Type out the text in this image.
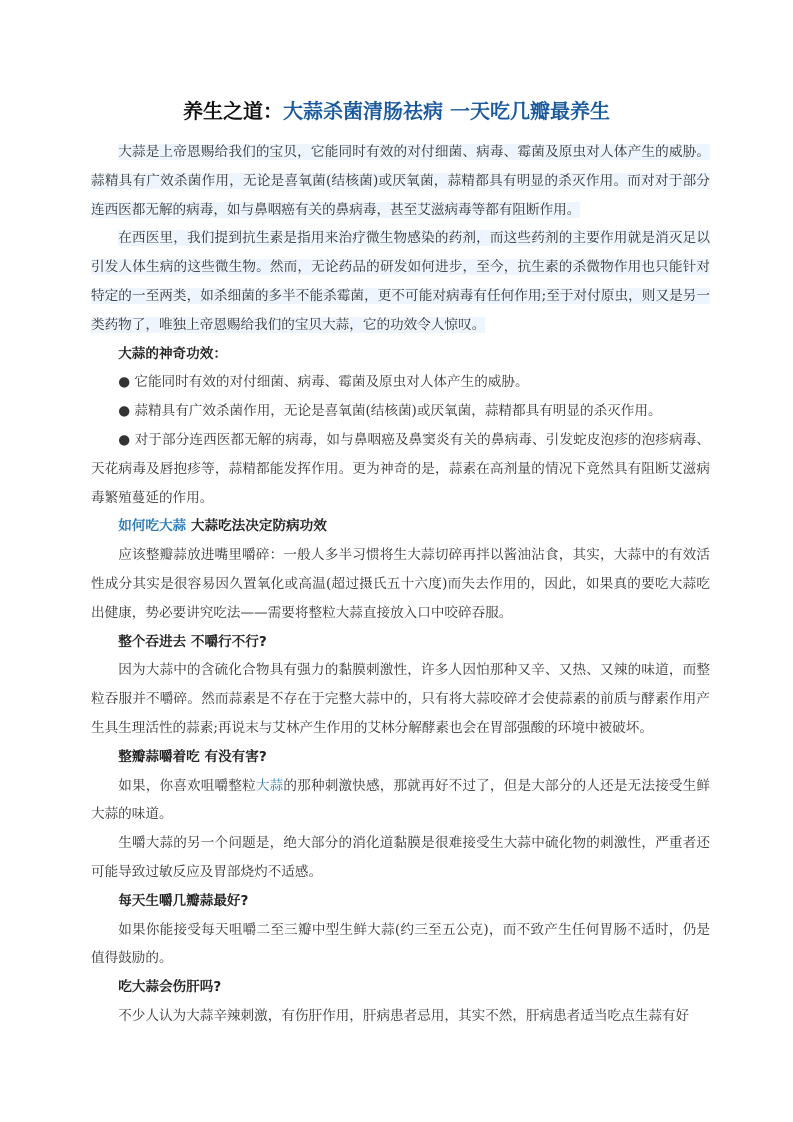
养生之道：大蒜杀菌清肠祛病 一天吃几瓣最养生

大蒜是上帝恩赐给我们的宝贝，它能同时有效的对付细菌、病毒、霉菌及原虫对人体产生的威胁。蒜精具有广效杀菌作用，无论是喜氧菌(结核菌)或厌氧菌，蒜精都具有明显的杀灭作用。而对对于部分连西医都无解的病毒，如与鼻咽癌有关的鼻病毒，甚至艾滋病毒等都有阻断作用。

在西医里，我们提到抗生素是指用来治疗微生物感染的药剂，而这些药剂的主要作用就是消灭足以引发人体生病的这些微生物。然而，无论药品的研发如何进步，至今，抗生素的杀微物作用也只能针对特定的一至两类，如杀细菌的多半不能杀霉菌，更不可能对病毒有任何作用;至于对付原虫，则又是另一类药物了，唯独上帝恩赐给我们的宝贝大蒜，它的功效令人惊叹。

大蒜的神奇功效：

● 它能同时有效的对付细菌、病毒、霉菌及原虫对人体产生的威胁。

● 蒜精具有广效杀菌作用，无论是喜氧菌(结核菌)或厌氧菌，蒜精都具有明显的杀灭作用。

● 对于部分连西医都无解的病毒，如与鼻咽癌及鼻窦炎有关的鼻病毒、引发蛇皮泡疹的泡疹病毒、天花病毒及唇抱疹等，蒜精都能发挥作用。更为神奇的是，蒜素在高剂量的情况下竟然具有阻断艾滋病毒繁殖蔓延的作用。

如何吃大蒜 大蒜吃法决定防病功效

应该整瓣蒜放进嘴里嚼碎：一般人多半习惯将生大蒜切碎再拌以酱油沾食，其实，大蒜中的有效活性成分其实是很容易因久置氧化或高温(超过摄氏五十六度)而失去作用的，因此，如果真的要吃大蒜吃出健康，势必要讲究吃法——需要将整粒大蒜直接放入口中咬碎吞服。

整个吞进去 不嚼行不行?

因为大蒜中的含硫化合物具有强力的黏膜刺激性，许多人因怕那种又辛、又热、又辣的味道，而整粒吞服并不嚼碎。然而蒜素是不存在于完整大蒜中的，只有将大蒜咬碎才会使蒜素的前质与酵素作用产生具生理活性的蒜素;再说末与艾林产生作用的艾林分解酵素也会在胃部强酸的环境中被破坏。

整瓣蒜嚼着吃 有没有害?

如果，你喜欢咀嚼整粒大蒜的那种刺激快感，那就再好不过了，但是大部分的人还是无法接受生鲜大蒜的味道。

生嚼大蒜的另一个问题是，绝大部分的消化道黏膜是很难接受生大蒜中硫化物的刺激性，严重者还可能导致过敏反应及胃部烧灼不适感。

每天生嚼几瓣蒜最好?

如果你能接受每天咀嚼二至三瓣中型生鲜大蒜(约三至五公克)，而不致产生任何胃肠不适时，仍是值得鼓励的。

吃大蒜会伤肝吗?

不少人认为大蒜辛辣刺激，有伤肝作用，肝病患者忌用，其实不然，肝病患者适当吃点生蒜有好
